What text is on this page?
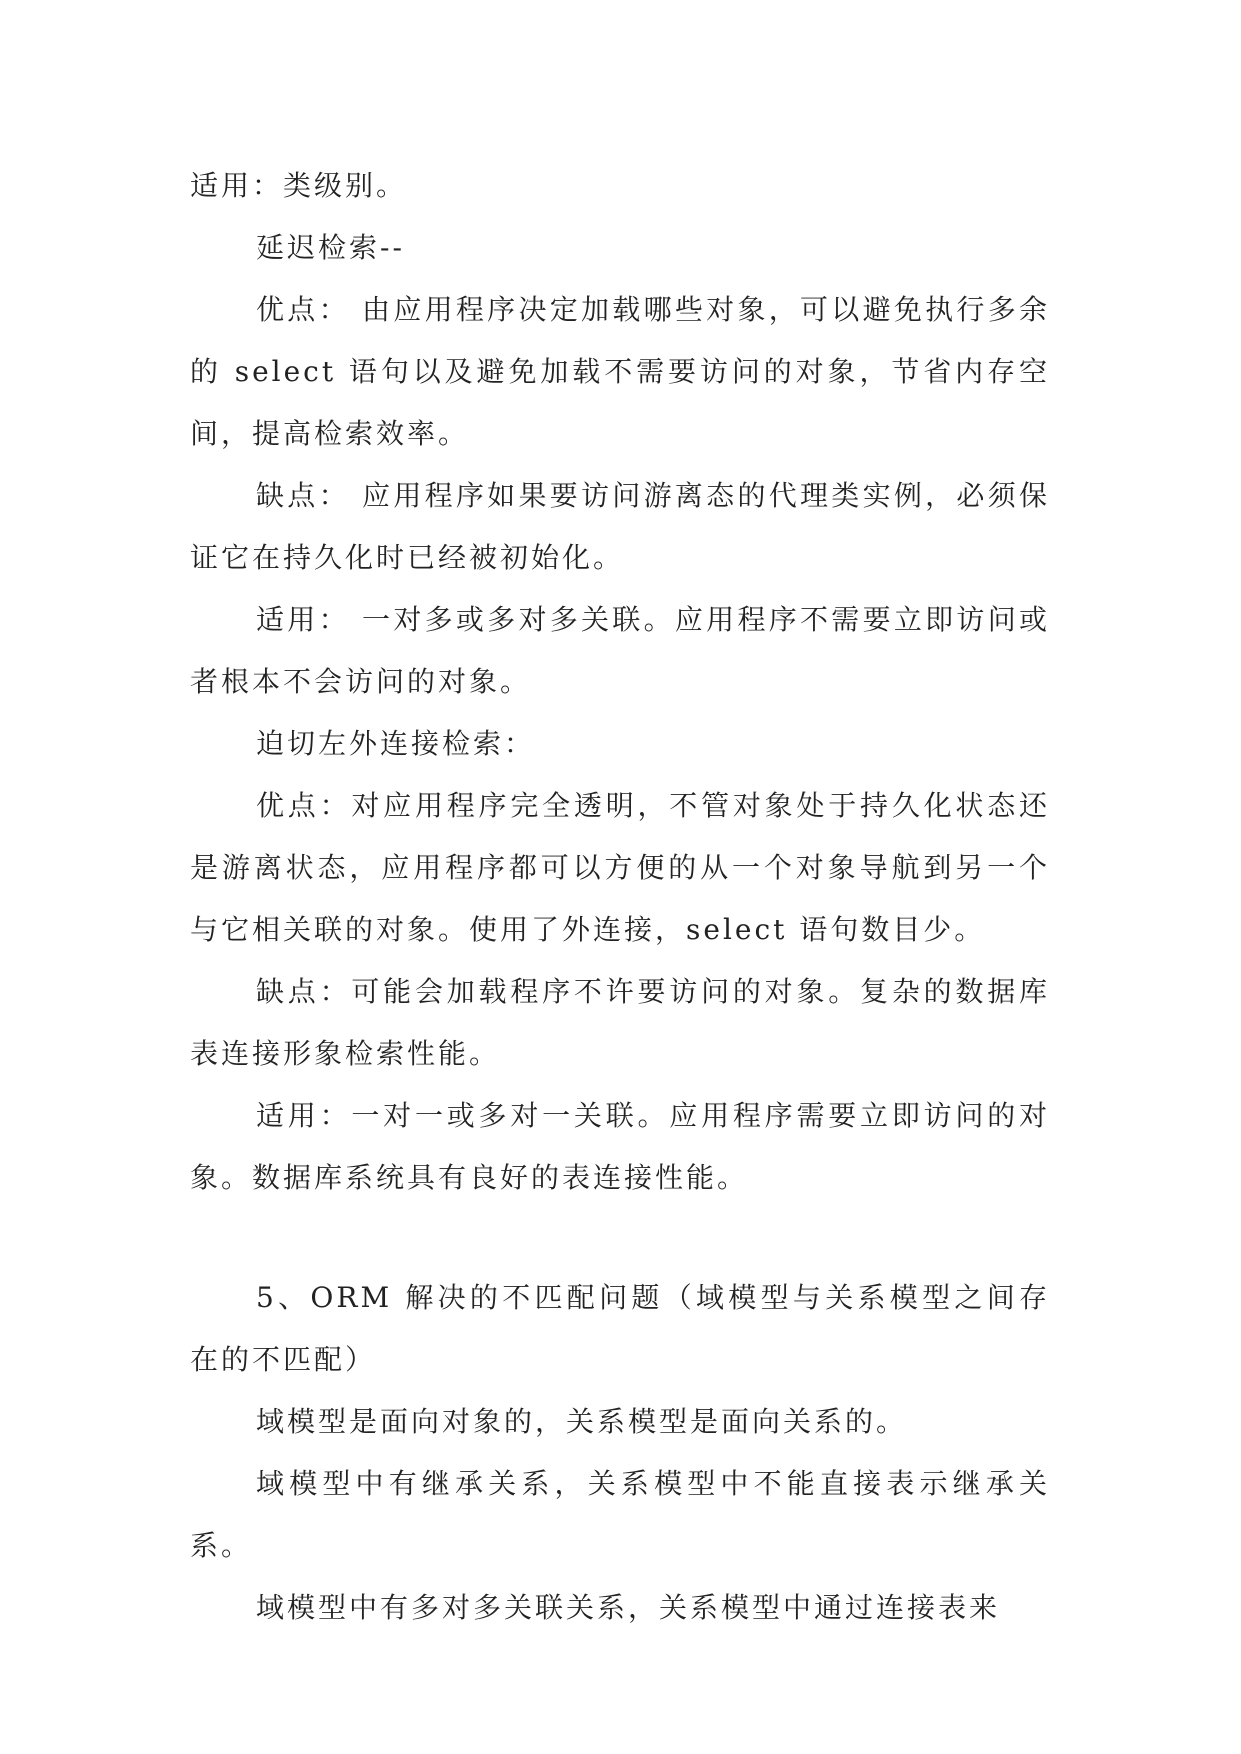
适用：类级别。

延迟检索--

优点： 由应用程序决定加载哪些对象，可以避免执行多余的 select 语句以及避免加载不需要访问的对象，节省内存空间，提高检索效率。

缺点： 应用程序如果要访问游离态的代理类实例，必须保证它在持久化时已经被初始化。

适用： 一对多或多对多关联。应用程序不需要立即访问或者根本不会访问的对象。

迫切左外连接检索：

优点：对应用程序完全透明，不管对象处于持久化状态还是游离状态，应用程序都可以方便的从一个对象导航到另一个与它相关联的对象。使用了外连接，select 语句数目少。

缺点：可能会加载程序不许要访问的对象。复杂的数据库表连接形象检索性能。

适用：一对一或多对一关联。应用程序需要立即访问的对象。数据库系统具有良好的表连接性能。

5、ORM 解决的不匹配问题（域模型与关系模型之间存在的不匹配）

域模型是面向对象的，关系模型是面向关系的。

域模型中有继承关系，关系模型中不能直接表示继承关系。

域模型中有多对多关联关系，关系模型中通过连接表来
